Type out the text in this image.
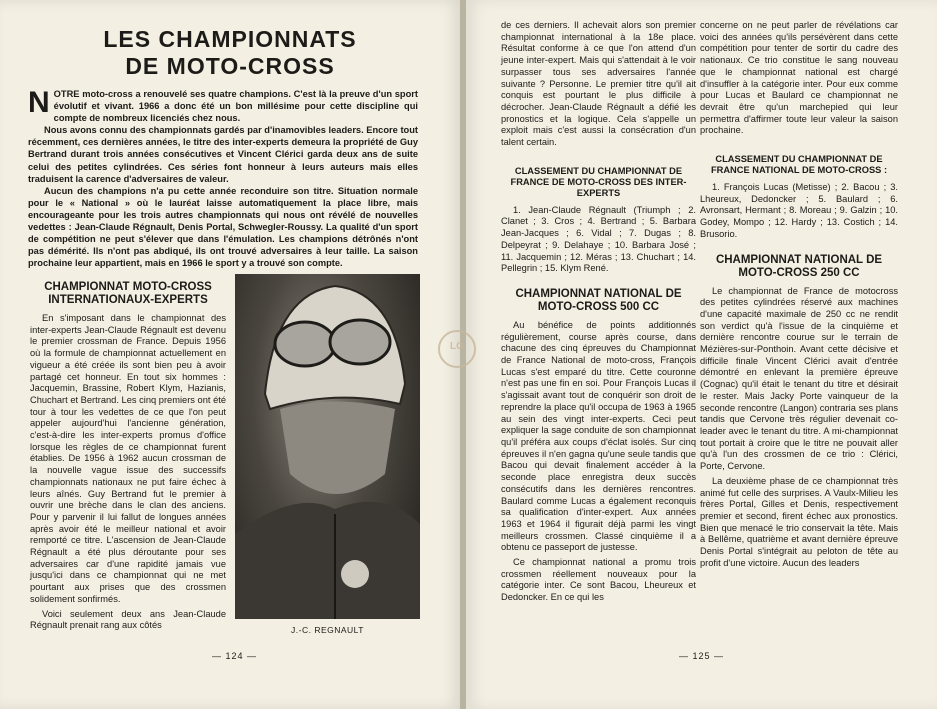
LES CHAMPIONNATS
DE MOTO-CROSS

NOTRE moto-cross a renouvelé ses quatre champions. C'est là la preuve d'un sport évolutif et vivant. 1966 a donc été un bon millésime pour cette discipline qui compte de nombreux licenciés chez nous.

Nous avons connu des championnats gardés par d'inamovibles leaders. Encore tout récemment, ces dernières années, le titre des inter-experts demeura la propriété de Guy Bertrand durant trois années consécutives et Vincent Clérici garda deux ans de suite celui des petites cylindrées. Ces séries font honneur à leurs auteurs mais elles traduisent la carence d'adversaires de valeur.

Aucun des champions n'a pu cette année reconduire son titre. Situation normale pour le « National » où le lauréat laisse automatiquement la place libre, mais encourageante pour les trois autres championnats qui nous ont révélé de nouvelles vedettes : Jean-Claude Régnault, Denis Portal, Schwegler-Roussy. La qualité d'un sport de compétition ne peut s'élever que dans l'émulation. Les champions détrônés n'ont pas démérité. Ils n'ont pas abdiqué, ils ont trouvé adversaires à leur taille. La saison prochaine leur appartient, mais en 1966 le sport y a trouvé son compte.

CHAMPIONNAT MOTO-CROSS INTERNATIONAUX-EXPERTS

En s'imposant dans le championnat des inter-experts Jean-Claude Régnault est devenu le premier crossman de France. Depuis 1956 où la formule de championnat actuellement en vigueur a été créée ils sont bien peu à avoir partagé cet honneur. En tout six hommes : Jacquemin, Brassine, Robert Klym, Hazianis, Chuchart et Bertrand. Les cinq premiers ont été tour à tour les vedettes de ce que l'on peut appeler aujourd'hui l'ancienne génération, c'est-à-dire les inter-experts promus d'office lorsque les règles de ce championnat furent établies. De 1956 à 1962 aucun crossman de la nouvelle vague issue des successifs championnats nationaux ne put faire échec à leurs aînés. Guy Bertrand fut le premier à ouvrir une brèche dans le clan des anciens. Pour y parvenir il lui fallut de longues années après avoir été le meilleur national et avoir remporté ce titre. L'ascension de Jean-Claude Régnault a été plus déroutante pour ses adversaires car d'une rapidité jamais vue jusqu'ici dans ce championnat qui ne met pourtant aux prises que des crossmen solidement sonfirmés.

Voici seulement deux ans Jean-Claude Régnault prenait rang aux côtés	J.-C. REGNAULT
— 124 —

de ces derniers. Il achevait alors son premier championnat international à la 18e place. Résultat conforme à ce que l'on attend d'un jeune inter-expert. Mais qui s'attendait à le voir surpasser tous ses adversaires l'année suivante ? Personne. Le premier titre qu'il ait conquis est pourtant le plus difficile à décrocher. Jean-Claude Régnault a défié les pronostics et la logique. Cela s'appelle un exploit mais c'est aussi la consécration d'un talent certain.

CLASSEMENT DU CHAMPIONNAT DE FRANCE DE MOTO-CROSS DES INTER-EXPERTS

1. Jean-Claude Régnault (Triumph ; 2. Clanet ; 3. Cros ; 4. Bertrand ; 5. Barbara Jean-Jacques ; 6. Vidal ; 7. Dugas ; 8. Delpeyrat ; 9. Delahaye ; 10. Barbara José ; 11. Jacquemin ; 12. Méras ; 13. Chuchart ; 14. Pellegrin ; 15. Klym René.

CHAMPIONNAT NATIONAL DE MOTO-CROSS 500 CC

Au bénéfice de points additionnés régulièrement, course après course, dans chacune des cinq épreuves du Championnat de France National de moto-cross, François Lucas s'est emparé du titre. Cette couronne n'est pas une fin en soi. Pour François Lucas il s'agissait avant tout de conquérir son droit de reprendre la place qu'il occupa de 1963 à 1965 au sein des vingt inter-experts. Ceci peut expliquer la sage conduite de son championnat qu'il préféra aux coups d'éclat isolés. Sur cinq épreuves il n'en gagna qu'une seule tandis que Bacou qui devait finalement accéder à la seconde place enregistra deux succès consécutifs dans les dernières rencontres. Baulard comme Lucas a également reconquis sa qualification d'inter-expert. Aux années 1963 et 1964 il figurait déjà parmi les vingt meilleurs crossmen. Classé cinquième il a obtenu ce passeport de justesse.

Ce championnat national a promu trois crossmen réellement nouveaux pour la catégorie inter. Ce sont Bacou, Lheureux et Dedoncker. En ce qui les

concerne on ne peut parler de révélations car voici des années qu'ils persévèrent dans cette compétition pour tenter de sortir du cadre des nationaux. Ce trio constitue le sang nouveau que le championnat national est chargé d'insuffler à la catégorie inter. Pour eux comme pour Lucas et Baulard ce championnat ne devrait être qu'un marchepied qui leur permettra d'affirmer toute leur valeur la saison prochaine.

CLASSEMENT DU CHAMPIONNAT DE FRANCE NATIONAL DE MOTO-CROSS :

1. François Lucas (Metisse) ; 2. Bacou ; 3. Lheureux, Dedoncker ; 5. Baulard ; 6. Avronsart, Hermant ; 8. Moreau ; 9. Galzin ; 10. Godey, Mompo ; 12. Hardy ; 13. Costich ; 14. Brusorio.

CHAMPIONNAT NATIONAL DE MOTO-CROSS 250 CC

Le championnat de France de motocross des petites cylindrées réservé aux machines d'une capacité maximale de 250 cc ne rendit son verdict qu'à l'issue de la cinquième et dernière rencontre courue sur le terrain de Mézières-sur-Ponthoin. Avant cette décisive et difficile finale Vincent Clérici avait d'entrée démontré en enlevant la première épreuve (Cognac) qu'il était le tenant du titre et désirait le rester. Mais Jacky Porte vainqueur de la seconde rencontre (Langon) contraria ses plans tandis que Cervone très régulier devenait co-leader avec le tenant du titre. A mi-championnat tout portait à croire que le titre ne pouvait aller qu'à l'un des crossmen de ce trio : Clérici, Porte, Cervone.

La deuxième phase de ce championnat très animé fut celle des surprises. A Vaulx-Milieu les frères Portal, Gilles et Denis, respectivement premier et second, firent échec aux pronostics. Bien que menacé le trio conservait la tête. Mais à Bellême, quatrième et avant dernière épreuve Denis Portal s'intégrait au peloton de tête au profit d'une victoire. Aucun des leaders

— 125 —
LG
